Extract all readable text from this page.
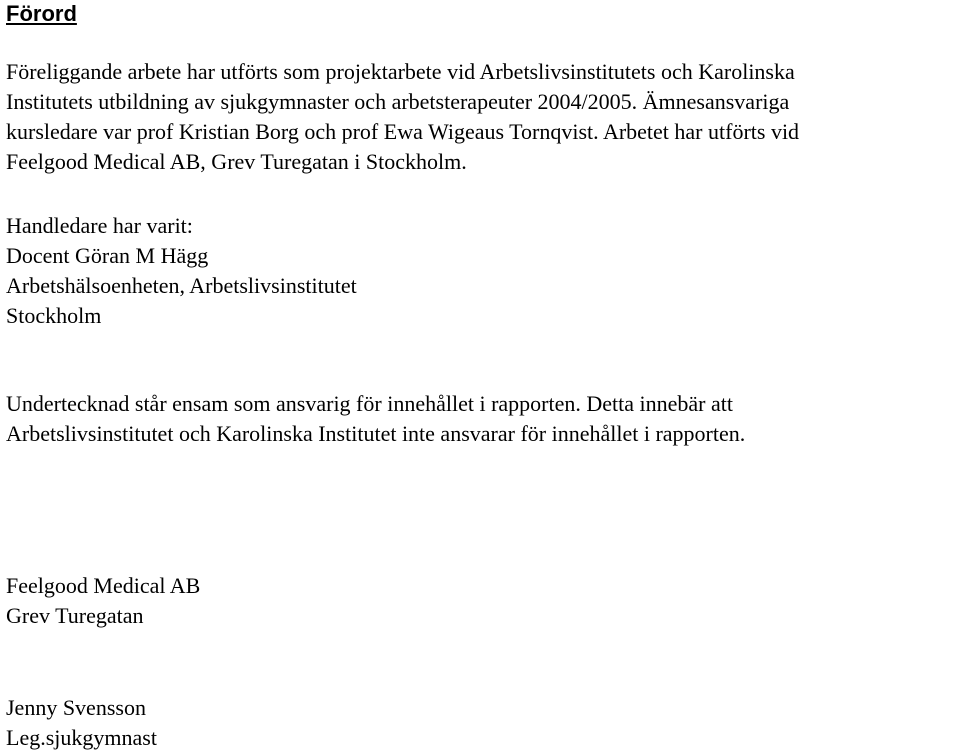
Förord

Föreliggande arbete har utförts som projektarbete vid Arbetslivsinstitutets och Karolinska
Institutets utbildning av sjukgymnaster och arbetsterapeuter 2004/2005. Ämnesansvariga
kursledare var prof Kristian Borg och prof Ewa Wigeaus Tornqvist. Arbetet har utförts vid
Feelgood Medical AB, Grev Turegatan i Stockholm.

Handledare har varit:
Docent Göran M Hägg
Arbetshälsoenheten, Arbetslivsinstitutet
Stockholm

Undertecknad står ensam som ansvarig för innehållet i rapporten. Detta innebär att
Arbetslivsinstitutet och Karolinska Institutet inte ansvarar för innehållet i rapporten.

Feelgood Medical AB
Grev Turegatan

Jenny Svensson
Leg.sjukgymnast
